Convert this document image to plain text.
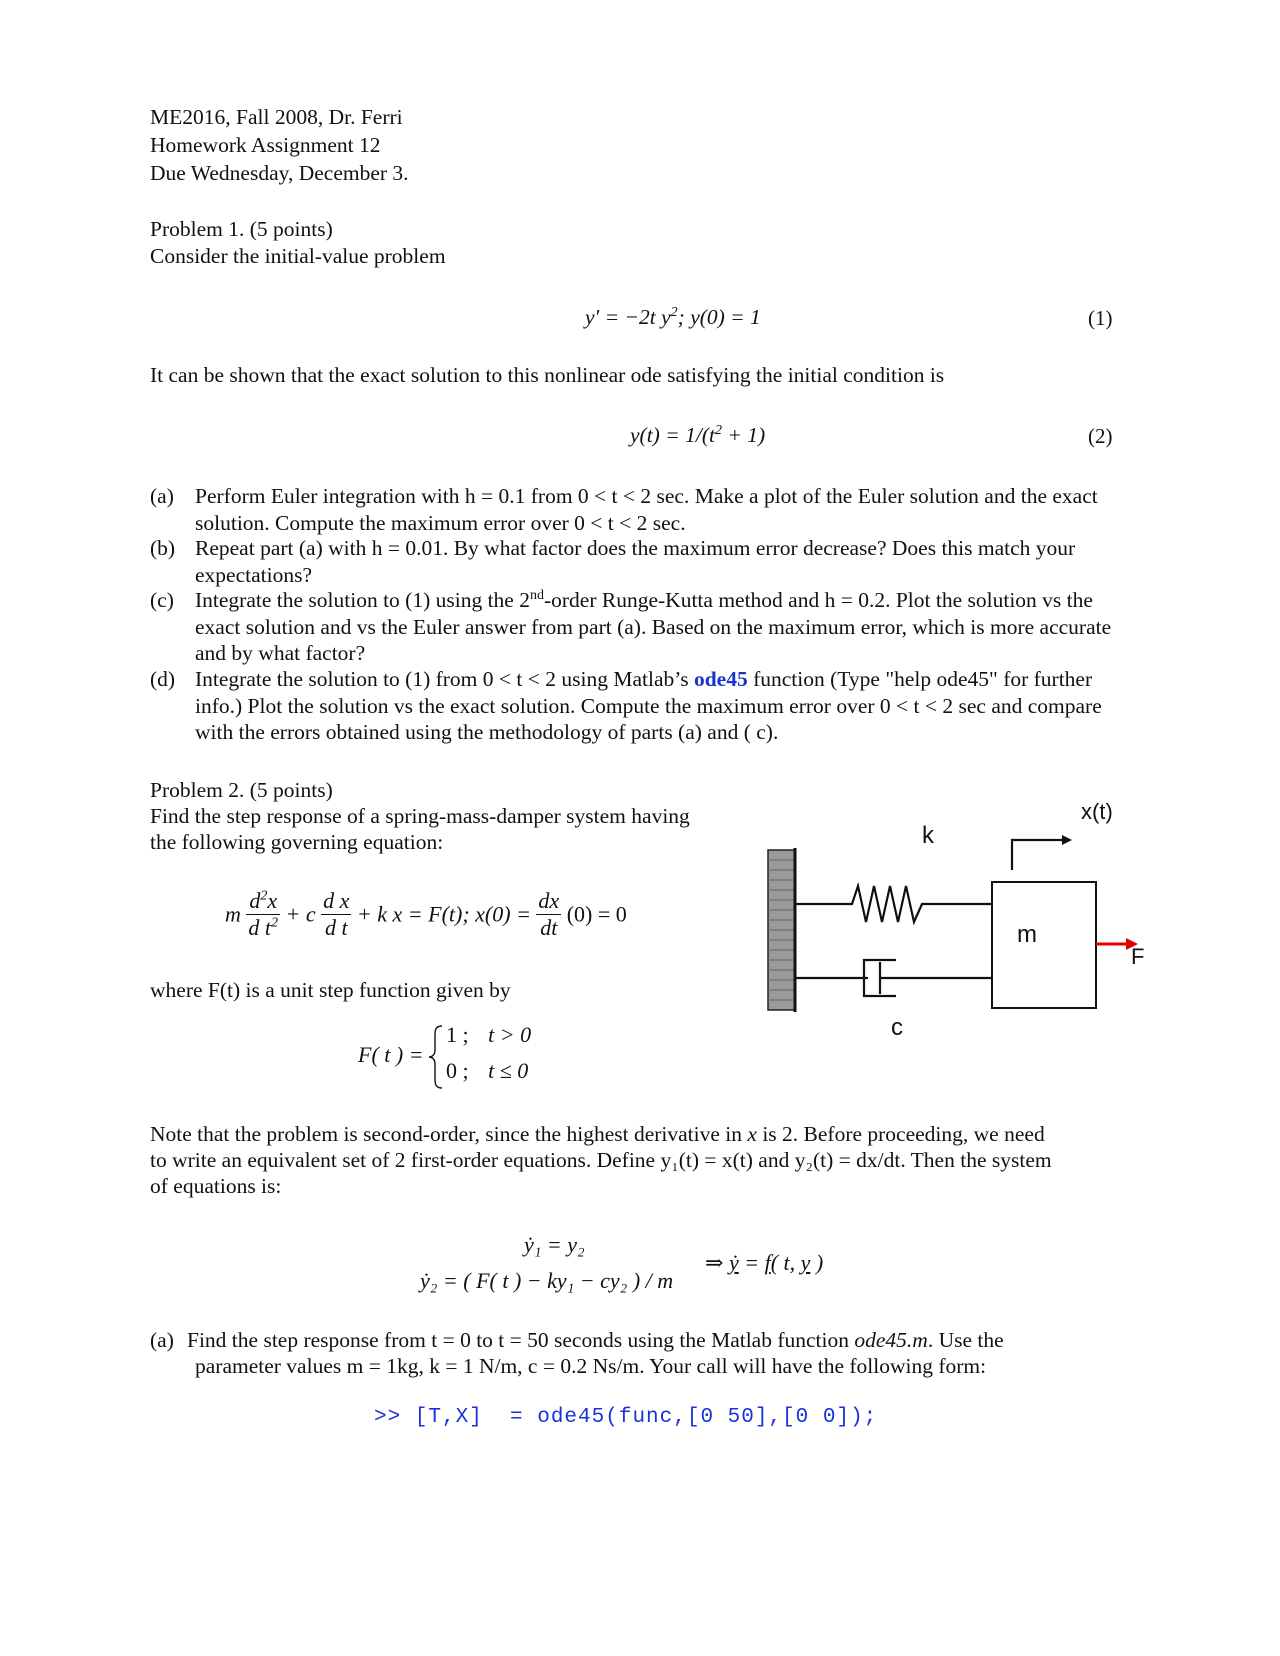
ME2016, Fall 2008, Dr. Ferri
Homework Assignment 12
Due Wednesday, December 3.
Problem 1. (5 points)
Consider the initial-value problem
y′ = −2t $y^2$; y(0) = 1	(1)
It can be shown that the exact solution to this nonlinear ode satisfying the initial condition is
$y(t) = 1/(t^2 + 1)$	(2)
(a) Perform Euler integration with h = 0.1 from 0 < t < 2 sec. Make a plot of the Euler solution and the exact solution. Compute the maximum error over 0 < t < 2 sec.
(b) Repeat part (a) with h = 0.01. By what factor does the maximum error decrease? Does this match your expectations?
(c) Integrate the solution to (1) using the 2nd-order Runge-Kutta method and h = 0.2. Plot the solution vs the exact solution and vs the Euler answer from part (a). Based on the maximum error, which is more accurate and by what factor?
(d) Integrate the solution to (1) from 0 < t < 2 using Matlab’s ode45 function (Type "help ode45" for further info.) Plot the solution vs the exact solution. Compute the maximum error over 0 < t < 2 sec and compare with the errors obtained using the methodology of parts (a) and ( c).
Problem 2. (5 points)
Find the step response of a spring-mass-damper system having
the following governing equation:
m $\frac{d^2x}{d t^2} + c \frac{\text{d x}}{\text{d t}} + k$ x = F(t); $x(0) = \frac{dx}{dt} (0) = 0$
where F(t) is a unit step function given by
F( t ) =
1 ; t > 0
0 ; t ≤ 0
k
m
F
x(t)
c
Note that the problem is second-order, since the highest derivative in x is 2. Before proceeding, we need
to write an equivalent set of 2 first-order equations. Define y₁(t) = x(t) and y₂(t) = dx/dt. Then the system
of equations is:
ẏ₁ = y₂
ẏ₂ = ( F( t ) − ky₁ − cy₂ ) / m
⇒ ẏ = f( t, y )
(a) Find the step response from t = 0 to t = 50 seconds using the Matlab function ode45.m. Use the
parameter values m = 1kg, k = 1 N/m, c = 0.2 Ns/m. Your call will have the following form:
>> [T,X]  = ode45(func,[0 50],[0 0]);
